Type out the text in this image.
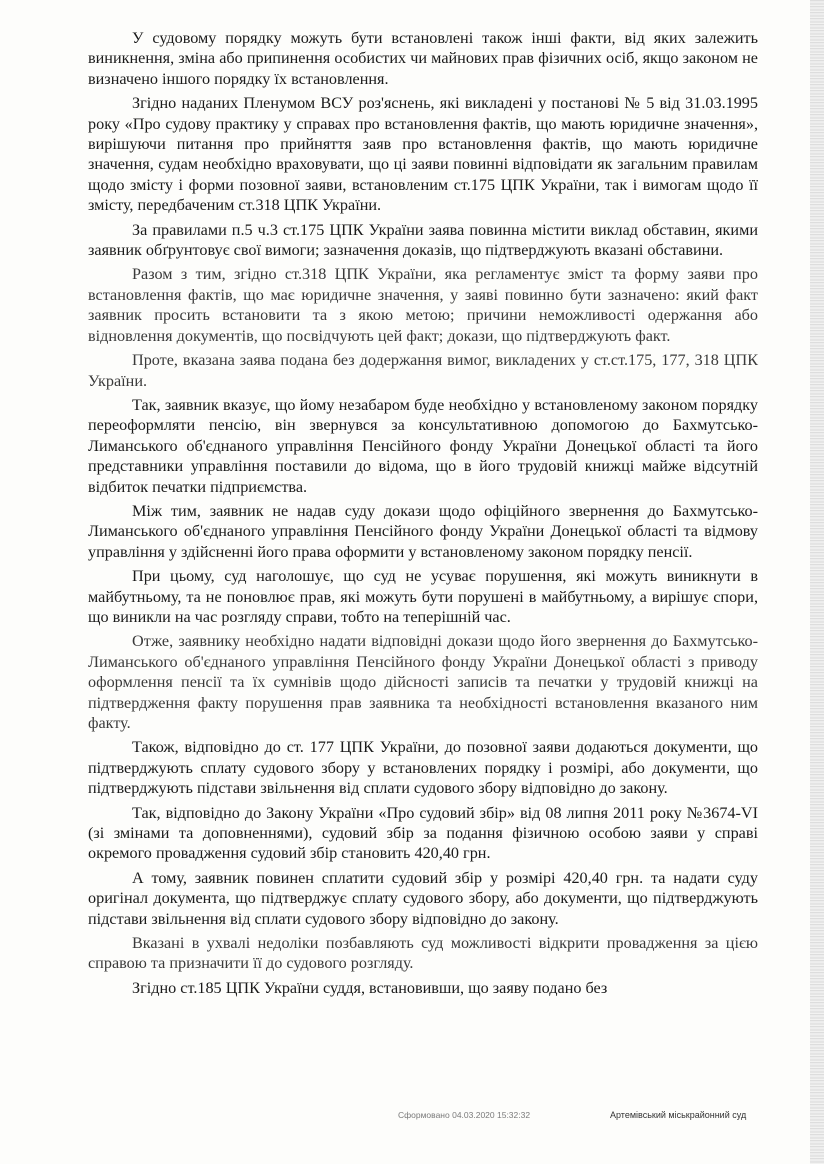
У судовому порядку можуть бути встановлені також інші факти, від яких залежить виникнення, зміна або припинення особистих чи майнових прав фізичних осіб, якщо законом не визначено іншого порядку їх встановлення.

Згідно наданих Пленумом ВСУ роз'яснень, які викладені у постанові № 5 від 31.03.1995 року «Про судову практику у справах про встановлення фактів, що мають юридичне значення», вирішуючи питання про прийняття заяв про встановлення фактів, що мають юридичне значення, судам необхідно враховувати, що ці заяви повинні відповідати як загальним правилам щодо змісту і форми позовної заяви, встановленим ст.175 ЦПК України, так і вимогам щодо її змісту, передбаченим ст.318 ЦПК України.

За правилами п.5 ч.3 ст.175 ЦПК України заява повинна містити виклад обставин, якими заявник обґрунтовує свої вимоги; зазначення доказів, що підтверджують вказані обставини.

Разом з тим, згідно ст.318 ЦПК України, яка регламентує зміст та форму заяви про встановлення фактів, що має юридичне значення, у заяві повинно бути зазначено: який факт заявник просить встановити та з якою метою; причини неможливості одержання або відновлення документів, що посвідчують цей факт; докази, що підтверджують факт.

Проте, вказана заява подана без додержання вимог, викладених у ст.ст.175, 177, 318 ЦПК України.

Так, заявник вказує, що йому незабаром буде необхідно у встановленому законом порядку переоформляти пенсію, він звернувся за консультативною допомогою до Бахмутсько-Лиманського об'єднаного управління Пенсійного фонду України Донецької області та його представники управління поставили до відома, що в його трудовій книжці майже відсутній відбиток печатки підприємства.

Між тим, заявник не надав суду докази щодо офіційного звернення до Бахмутсько-Лиманського об'єднаного управління Пенсійного фонду України Донецької області та відмову управління у здійсненні його права оформити у встановленому законом порядку пенсії.

При цьому, суд наголошує, що суд не усуває порушення, які можуть виникнути в майбутньому, та не поновлює прав, які можуть бути порушені в майбутньому, а вирішує спори, що виникли на час розгляду справи, тобто на теперішній час.

Отже, заявнику необхідно надати відповідні докази щодо його звернення до Бахмутсько-Лиманського об'єднаного управління Пенсійного фонду України Донецької області з приводу оформлення пенсії та їх сумнівів щодо дійсності записів та печатки у трудовій книжці на підтвердження факту порушення прав заявника та необхідності встановлення вказаного ним факту.

Також, відповідно до ст. 177 ЦПК України, до позовної заяви додаються документи, що підтверджують сплату судового збору у встановлених порядку і розмірі, або документи, що підтверджують підстави звільнення від сплати судового збору відповідно до закону.

Так, відповідно до Закону України «Про судовий збір» від 08 липня 2011 року №3674-VI (зі змінами та доповненнями), судовий збір за подання фізичною особою заяви у справі окремого провадження судовий збір становить 420,40 грн.

А тому, заявник повинен сплатити судовий збір у розмірі 420,40 грн. та надати суду оригінал документа, що підтверджує сплату судового збору, або документи, що підтверджують підстави звільнення від сплати судового збору відповідно до закону.

Вказані в ухвалі недоліки позбавляють суд можливості відкрити провадження за цією справою та призначити її до судового розгляду.

Згідно ст.185 ЦПК України суддя, встановивши, що заяву подано без

Сформовано 04.03.2020 15:32:32	Артемівський міськрайонний суд
